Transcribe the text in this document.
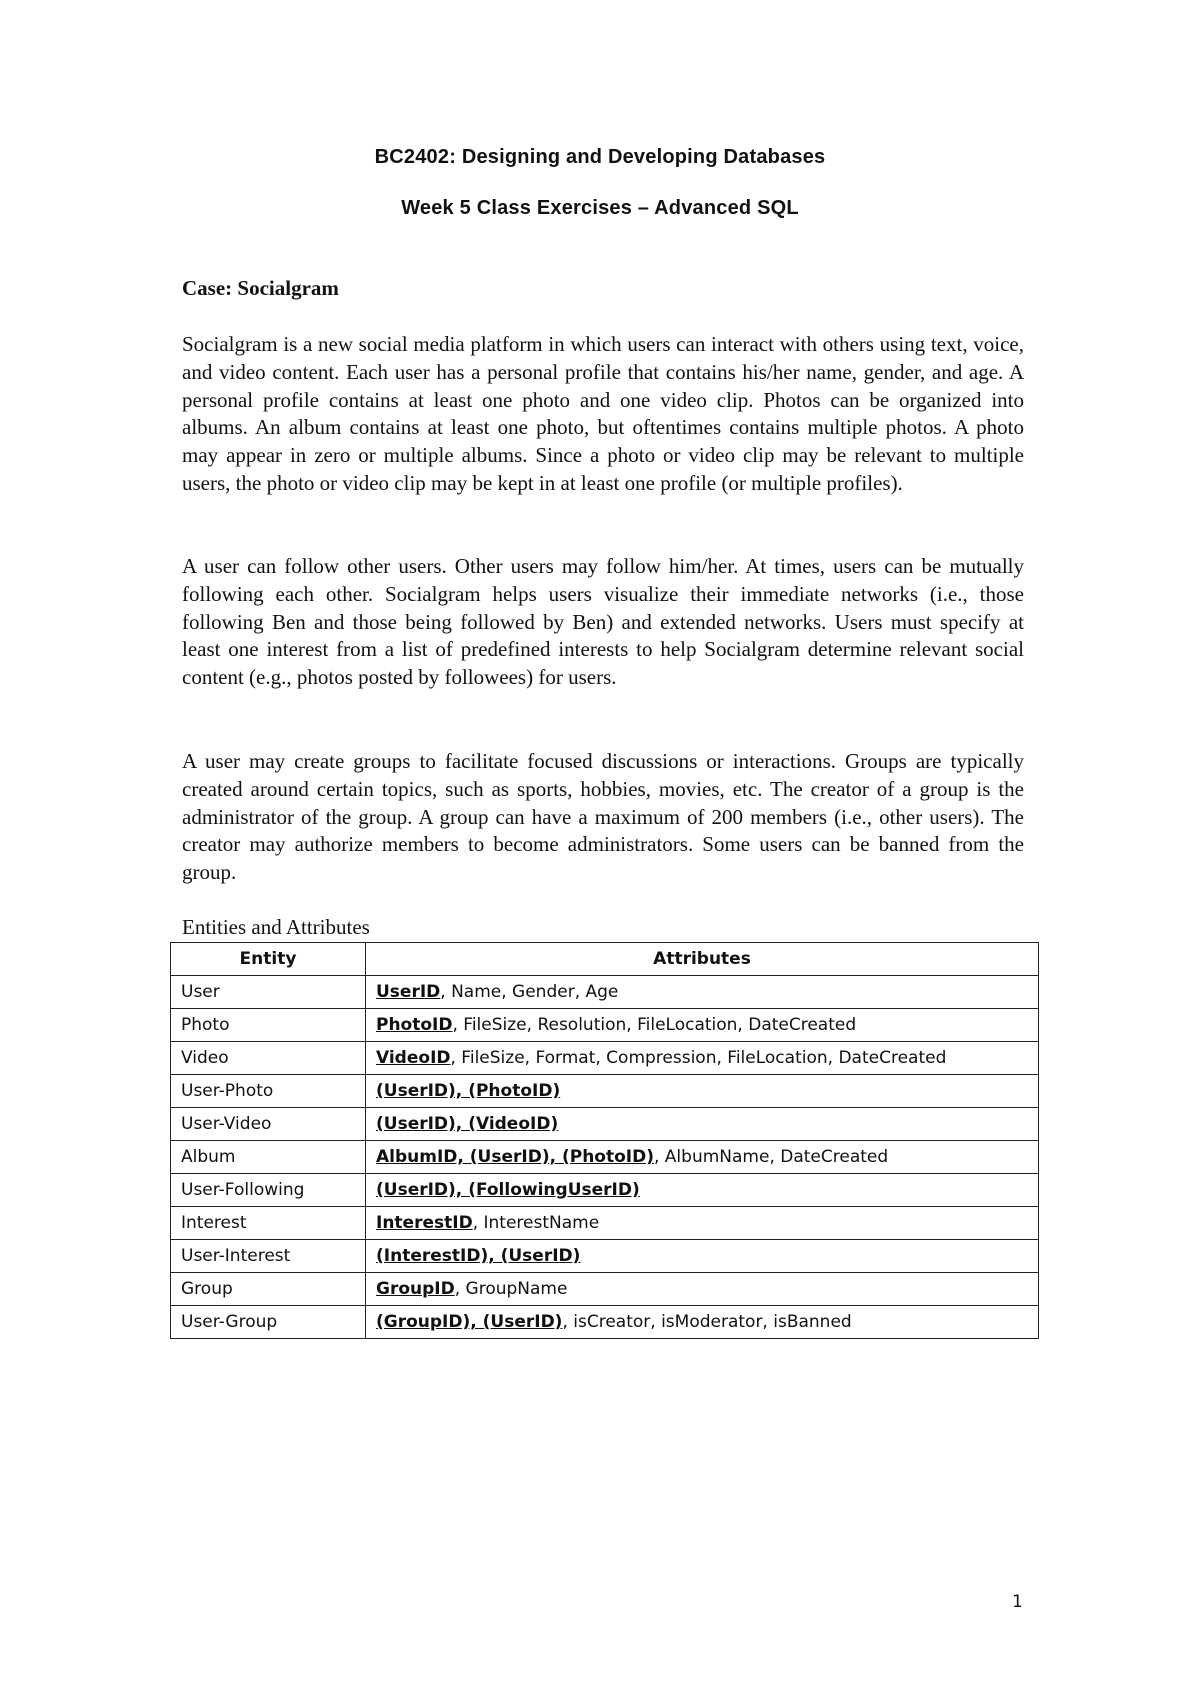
BC2402: Designing and Developing Databases
Week 5 Class Exercises – Advanced SQL
Case: Socialgram

Socialgram is a new social media platform in which users can interact with others using text, voice, and video content. Each user has a personal profile that contains his/her name, gender, and age. A personal profile contains at least one photo and one video clip. Photos can be organized into albums. An album contains at least one photo, but oftentimes contains multiple photos. A photo may appear in zero or multiple albums. Since a photo or video clip may be relevant to multiple users, the photo or video clip may be kept in at least one profile (or multiple profiles).

A user can follow other users. Other users may follow him/her. At times, users can be mutually following each other. Socialgram helps users visualize their immediate networks (i.e., those following Ben and those being followed by Ben) and extended networks. Users must specify at least one interest from a list of predefined interests to help Socialgram determine relevant social content (e.g., photos posted by followees) for users.

A user may create groups to facilitate focused discussions or interactions. Groups are typically created around certain topics, such as sports, hobbies, movies, etc. The creator of a group is the administrator of the group. A group can have a maximum of 200 members (i.e., other users). The creator may authorize members to become administrators. Some users can be banned from the group.

Entities and Attributes
Entity	Attributes
User	UserID, Name, Gender, Age
Photo	PhotoID, FileSize, Resolution, FileLocation, DateCreated
Video	VideoID, FileSize, Format, Compression, FileLocation, DateCreated
User-Photo	(UserID), (PhotoID)
User-Video	(UserID), (VideoID)
Album	AlbumID, (UserID), (PhotoID), AlbumName, DateCreated
User-Following	(UserID), (FollowingUserID)
Interest	InterestID, InterestName
User-Interest	(InterestID), (UserID)
Group	GroupID, GroupName
User-Group	(GroupID), (UserID), isCreator, isModerator, isBanned
1
